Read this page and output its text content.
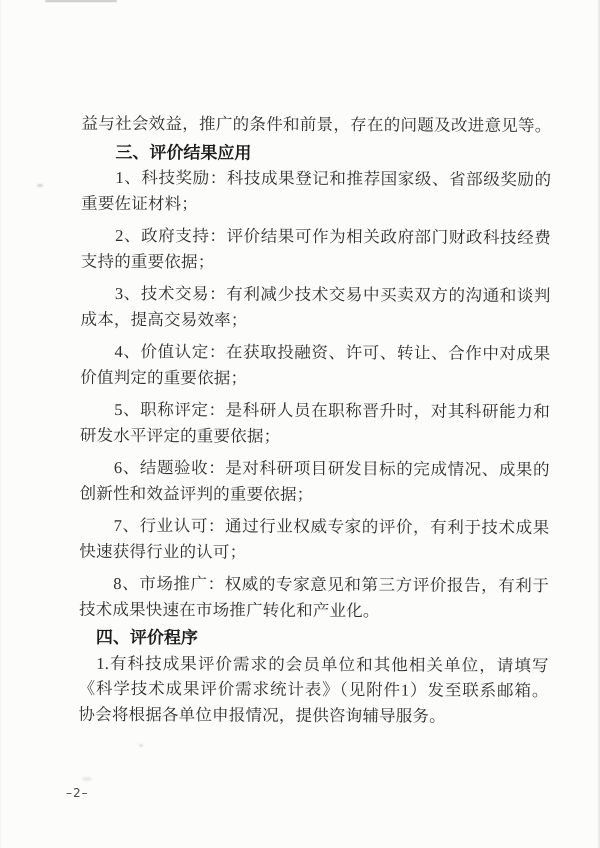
益与社会效益，推广的条件和前景，存在的问题及改进意见等。

　　三、评价结果应用

　　1、科技奖励：科技成果登记和推荐国家级、省部级奖励的
重要佐证材料；

　　2、政府支持：评价结果可作为相关政府部门财政科技经费
支持的重要依据；

　　3、技术交易：有利减少技术交易中买卖双方的沟通和谈判
成本，提高交易效率；

　　4、价值认定：在获取投融资、许可、转让、合作中对成果
价值判定的重要依据；

　　5、职称评定：是科研人员在职称晋升时，对其科研能力和
研发水平评定的重要依据；

　　6、结题验收：是对科研项目研发目标的完成情况、成果的
创新性和效益评判的重要依据；

　　7、行业认可：通过行业权威专家的评价，有利于技术成果
快速获得行业的认可；

　　8、市场推广：权威的专家意见和第三方评价报告，有利于
技术成果快速在市场推广转化和产业化。

　四、评价程序

　1.有科技成果评价需求的会员单位和其他相关单位，请填写
《科学技术成果评价需求统计表》（见附件1）发至联系邮箱。
协会将根据各单位申报情况，提供咨询辅导服务。

–2–
